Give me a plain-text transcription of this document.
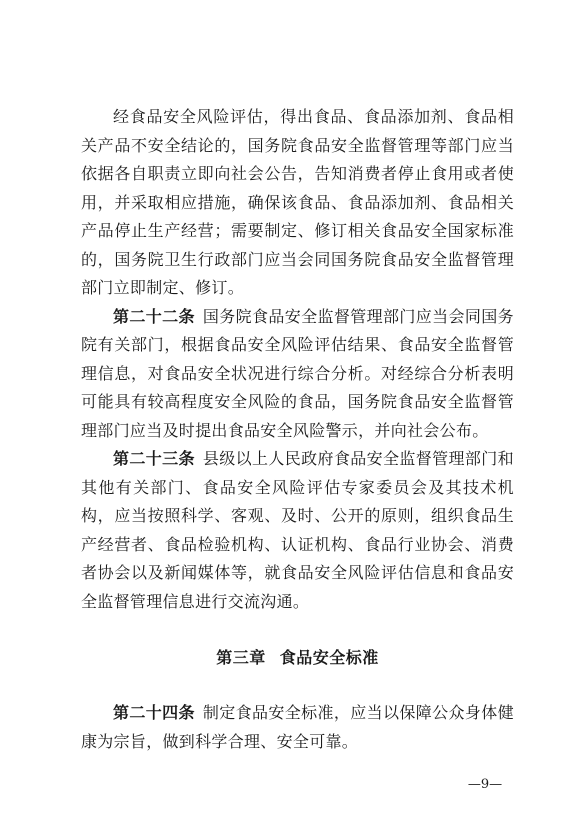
经食品安全风险评估，得出食品、食品添加剂、食品相关产品不安全结论的，国务院食品安全监督管理等部门应当依据各自职责立即向社会公告，告知消费者停止食用或者使用，并采取相应措施，确保该食品、食品添加剂、食品相关产品停止生产经营；需要制定、修订相关食品安全国家标准的，国务院卫生行政部门应当会同国务院食品安全监督管理部门立即制定、修订。

第二十二条 国务院食品安全监督管理部门应当会同国务院有关部门，根据食品安全风险评估结果、食品安全监督管理信息，对食品安全状况进行综合分析。对经综合分析表明可能具有较高程度安全风险的食品，国务院食品安全监督管理部门应当及时提出食品安全风险警示，并向社会公布。

第二十三条 县级以上人民政府食品安全监督管理部门和其他有关部门、食品安全风险评估专家委员会及其技术机构，应当按照科学、客观、及时、公开的原则，组织食品生产经营者、食品检验机构、认证机构、食品行业协会、消费者协会以及新闻媒体等，就食品安全风险评估信息和食品安全监督管理信息进行交流沟通。

第三章 食品安全标准

第二十四条 制定食品安全标准，应当以保障公众身体健康为宗旨，做到科学合理、安全可靠。

—9—
